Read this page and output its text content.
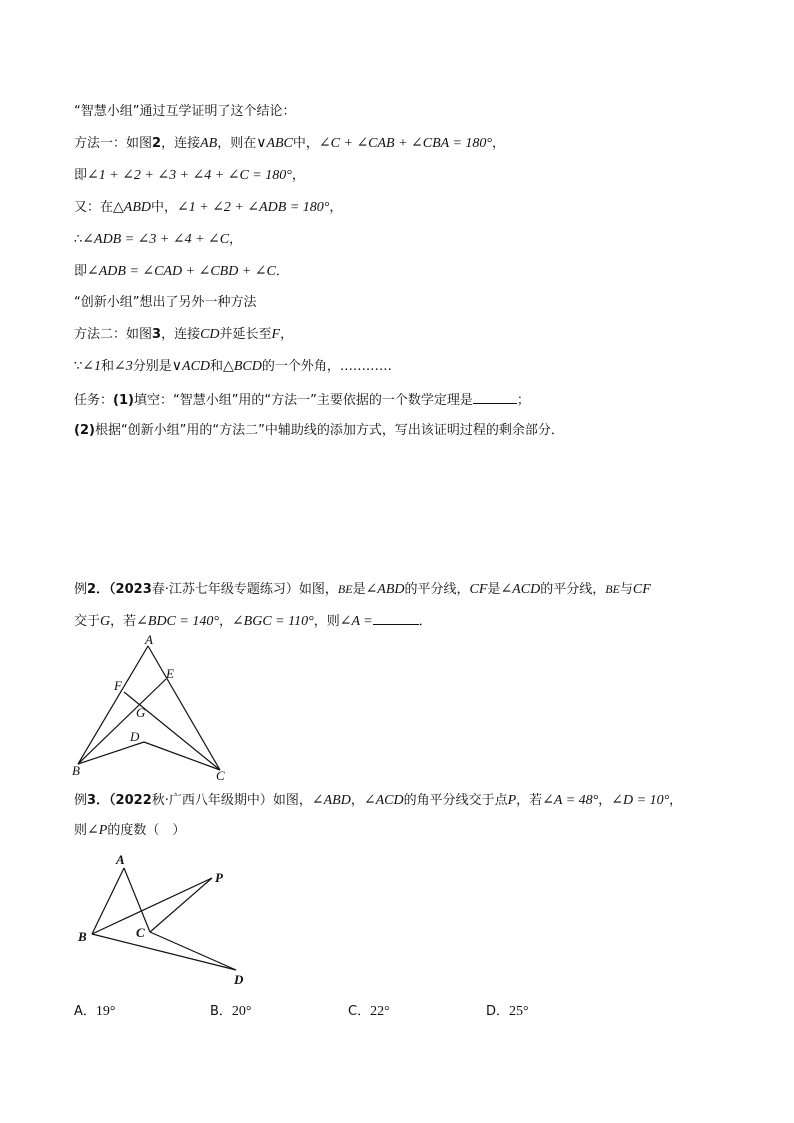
“智慧小组”通过互学证明了这个结论：
方法一：如图2，连接AB，则在∨ABC中，∠C + ∠CAB + ∠CBA = 180°，
即∠1 + ∠2 + ∠3 + ∠4 + ∠C = 180°，
又：在△ABD中，∠1 + ∠2 + ∠ADB = 180°，
∴∠ADB = ∠3 + ∠4 + ∠C，
即∠ADB = ∠CAD + ∠CBD + ∠C．
“创新小组”想出了另外一种方法
方法二：如图3，连接CD并延长至F，
∵∠1和∠3分别是∨ACD和△BCD的一个外角，…………
任务：(1)填空：“智慧小组”用的“方法一”主要依据的一个数学定理是	；
(2)根据“创新小组”用的“方法二”中辅助线的添加方式，写出该证明过程的剩余部分．
例2．（2023春·江苏七年级专题练习）如图，BE是∠ABD的平分线，CF是∠ACD的平分线，BE与CF
交于G，若∠BDC = 140°，∠BGC = 110°，则∠A =	．
A
E
F
G
D
B	C
例3．（2022秋·广西八年级期中）如图，∠ABD，∠ACD的角平分线交于点P，若∠A = 48°，∠D = 10°，
则∠P的度数（　）
A
P
B	C
D
A．19°	B．20°	C．22°	D．25°
